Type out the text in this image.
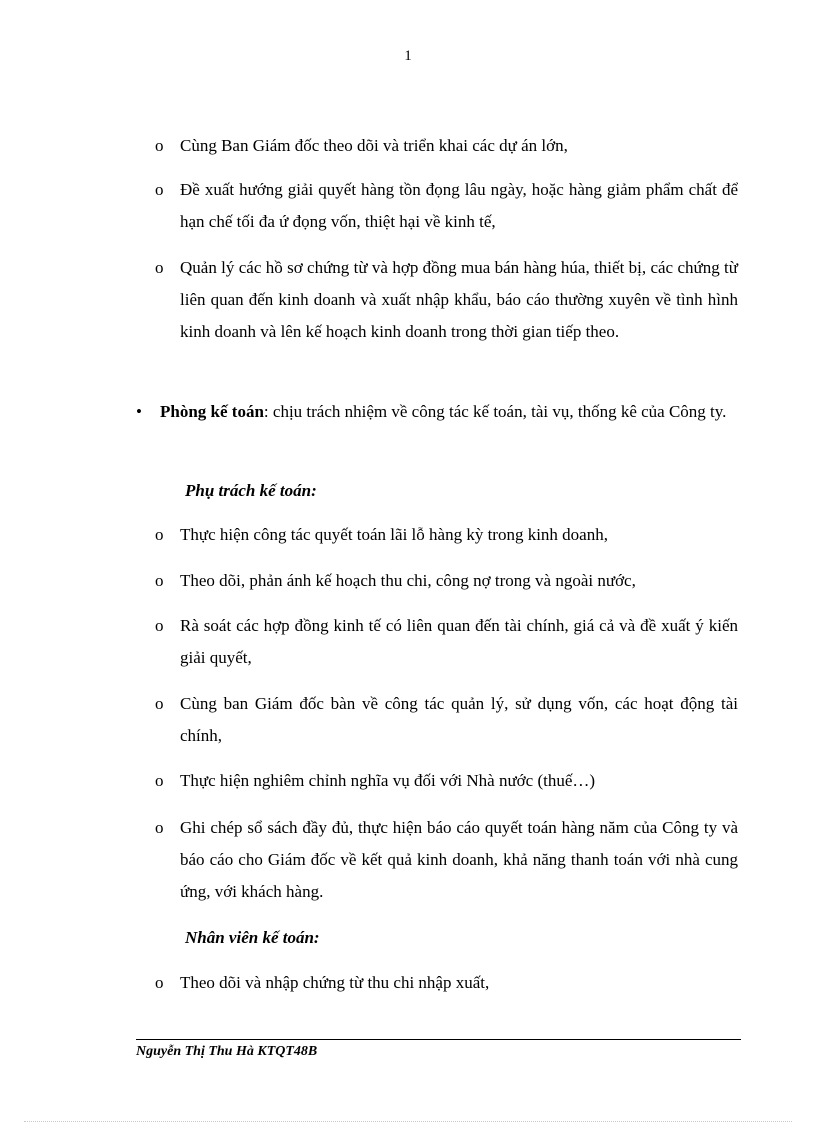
1
o Cùng Ban Giám đốc theo dõi và triển khai các dự án lớn,
o Đề xuất hướng giải quyết hàng tồn đọng lâu ngày, hoặc hàng giảm phẩm chất để hạn chế tối đa ứ đọng vốn, thiệt hại về kinh tế,
o Quản lý các hồ sơ chứng từ và hợp đồng mua bán hàng húa, thiết bị, các chứng từ liên quan đến kinh doanh và xuất nhập khẩu, báo cáo thường xuyên về tình hình kinh doanh và lên kế hoạch kinh doanh trong thời gian tiếp theo.
• Phòng kế toán: chịu trách nhiệm về công tác kế toán, tài vụ, thống kê của Công ty.
Phụ trách kế toán:
o Thực hiện công tác quyết toán lãi lỗ hàng kỳ trong kinh doanh,
o Theo dõi, phản ánh kế hoạch thu chi, công nợ trong và ngoài nước,
o Rà soát các hợp đồng kinh tế có liên quan đến tài chính, giá cả và đề xuất ý kiến giải quyết,
o Cùng ban Giám đốc bàn về công tác quản lý, sử dụng vốn, các hoạt động tài chính,
o Thực hiện nghiêm chỉnh nghĩa vụ đối với Nhà nước (thuế…)
o Ghi chép sổ sách đầy đủ, thực hiện báo cáo quyết toán hàng năm của Công ty và báo cáo cho Giám đốc về kết quả kinh doanh, khả năng thanh toán với nhà cung ứng, với khách hàng.
Nhân viên kế toán:
o Theo dõi và nhập chứng từ thu chi nhập xuất,
Nguyễn Thị Thu Hà KTQT48B
